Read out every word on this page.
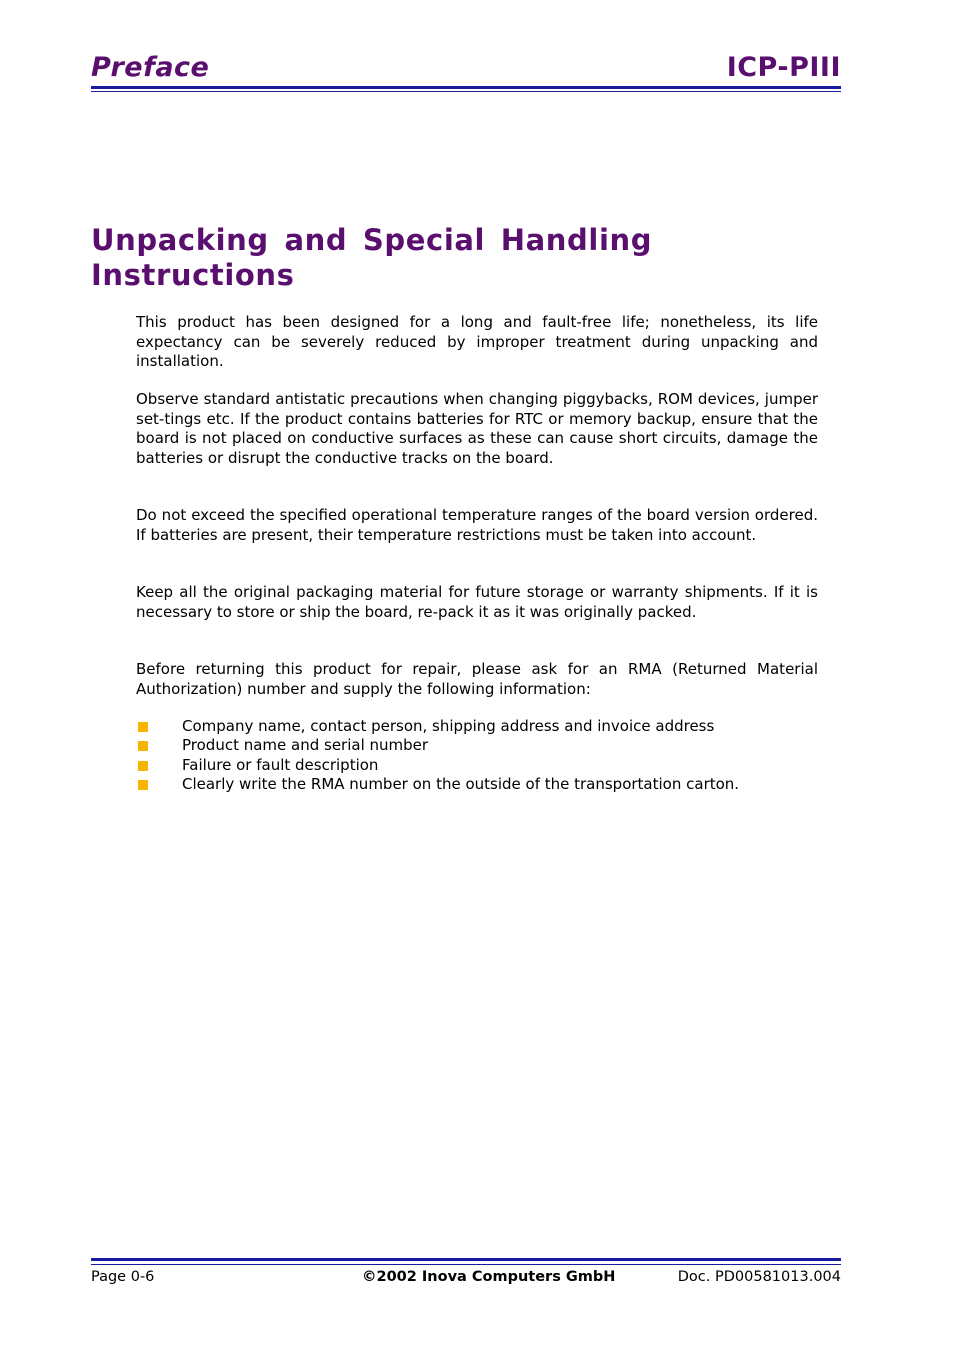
Preface	ICP-PIII
Unpacking and Special Handling Instructions

This product has been designed for a long and fault-free life; nonetheless, its life expectancy can be severely reduced by improper treatment during unpacking and installation.

Observe standard antistatic precautions when changing piggybacks, ROM devices, jumper set-tings etc. If the product contains batteries for RTC or memory backup, ensure that the board is not placed on conductive surfaces as these can cause short circuits, damage the batteries or disrupt the conductive tracks on the board.

Do not exceed the specified operational temperature ranges of the board version ordered. If batteries are present, their temperature restrictions must be taken into account.

Keep all the original packaging material for future storage or warranty shipments. If it is necessary to store or ship the board, re-pack it as it was originally packed.

Before returning this product for repair, please ask for an RMA (Returned Material Authorization) number and supply the following information:

Company name, contact person, shipping address and invoice address
Product name and serial number
Failure or fault description
Clearly write the RMA number on the outside of the transportation carton.
Page 0-6	©2002 Inova Computers GmbH	Doc. PD00581013.004
